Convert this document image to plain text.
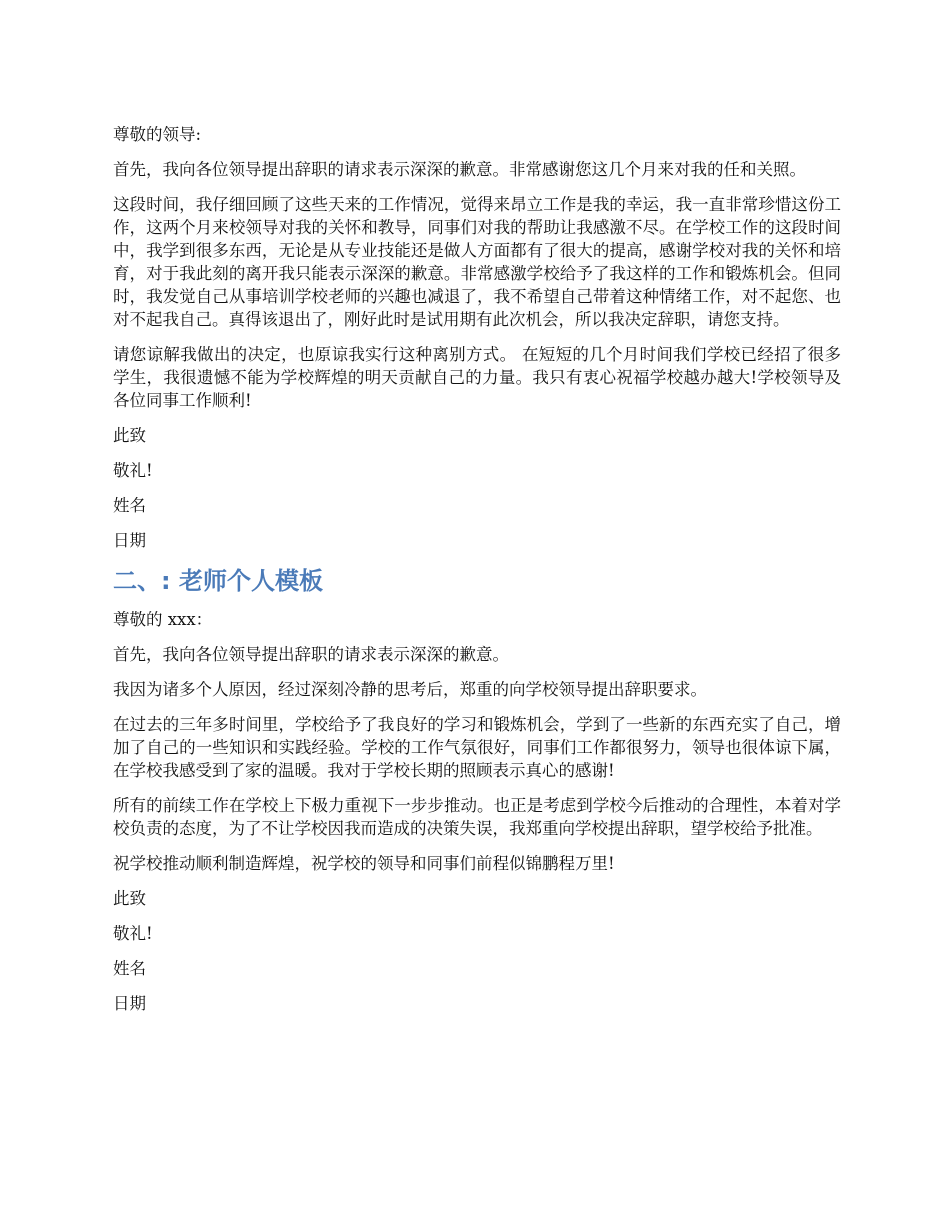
尊敬的领导:

首先，我向各位领导提出辞职的请求表示深深的歉意。非常感谢您这几个月来对我的任和关照。

这段时间，我仔细回顾了这些天来的工作情况，觉得来昂立工作是我的幸运，我一直非常珍惜这份工作，这两个月来校领导对我的关怀和教导，同事们对我的帮助让我感激不尽。在学校工作的这段时间中，我学到很多东西，无论是从专业技能还是做人方面都有了很大的提高，感谢学校对我的关怀和培育，对于我此刻的离开我只能表示深深的歉意。非常感激学校给予了我这样的工作和锻炼机会。但同时，我发觉自己从事培训学校老师的兴趣也减退了，我不希望自己带着这种情绪工作，对不起您、也对不起我自己。真得该退出了，刚好此时是试用期有此次机会，所以我决定辞职，请您支持。

请您谅解我做出的决定，也原谅我实行这种离别方式。 在短短的几个月时间我们学校已经招了很多学生，我很遗憾不能为学校辉煌的明天贡献自己的力量。我只有衷心祝福学校越办越大!学校领导及各位同事工作顺利!

此致

敬礼!

姓名

日期

二、: 老师个人模板

尊敬的 xxx：

首先，我向各位领导提出辞职的请求表示深深的歉意。

我因为诸多个人原因，经过深刻冷静的思考后，郑重的向学校领导提出辞职要求。

在过去的三年多时间里，学校给予了我良好的学习和锻炼机会，学到了一些新的东西充实了自己，增加了自己的一些知识和实践经验。学校的工作气氛很好，同事们工作都很努力，领导也很体谅下属，在学校我感受到了家的温暖。我对于学校长期的照顾表示真心的感谢!

所有的前续工作在学校上下极力重视下一步步推动。也正是考虑到学校今后推动的合理性，本着对学校负责的态度，为了不让学校因我而造成的决策失误，我郑重向学校提出辞职，望学校给予批准。

祝学校推动顺利制造辉煌，祝学校的领导和同事们前程似锦鹏程万里!

此致

敬礼!

姓名

日期
